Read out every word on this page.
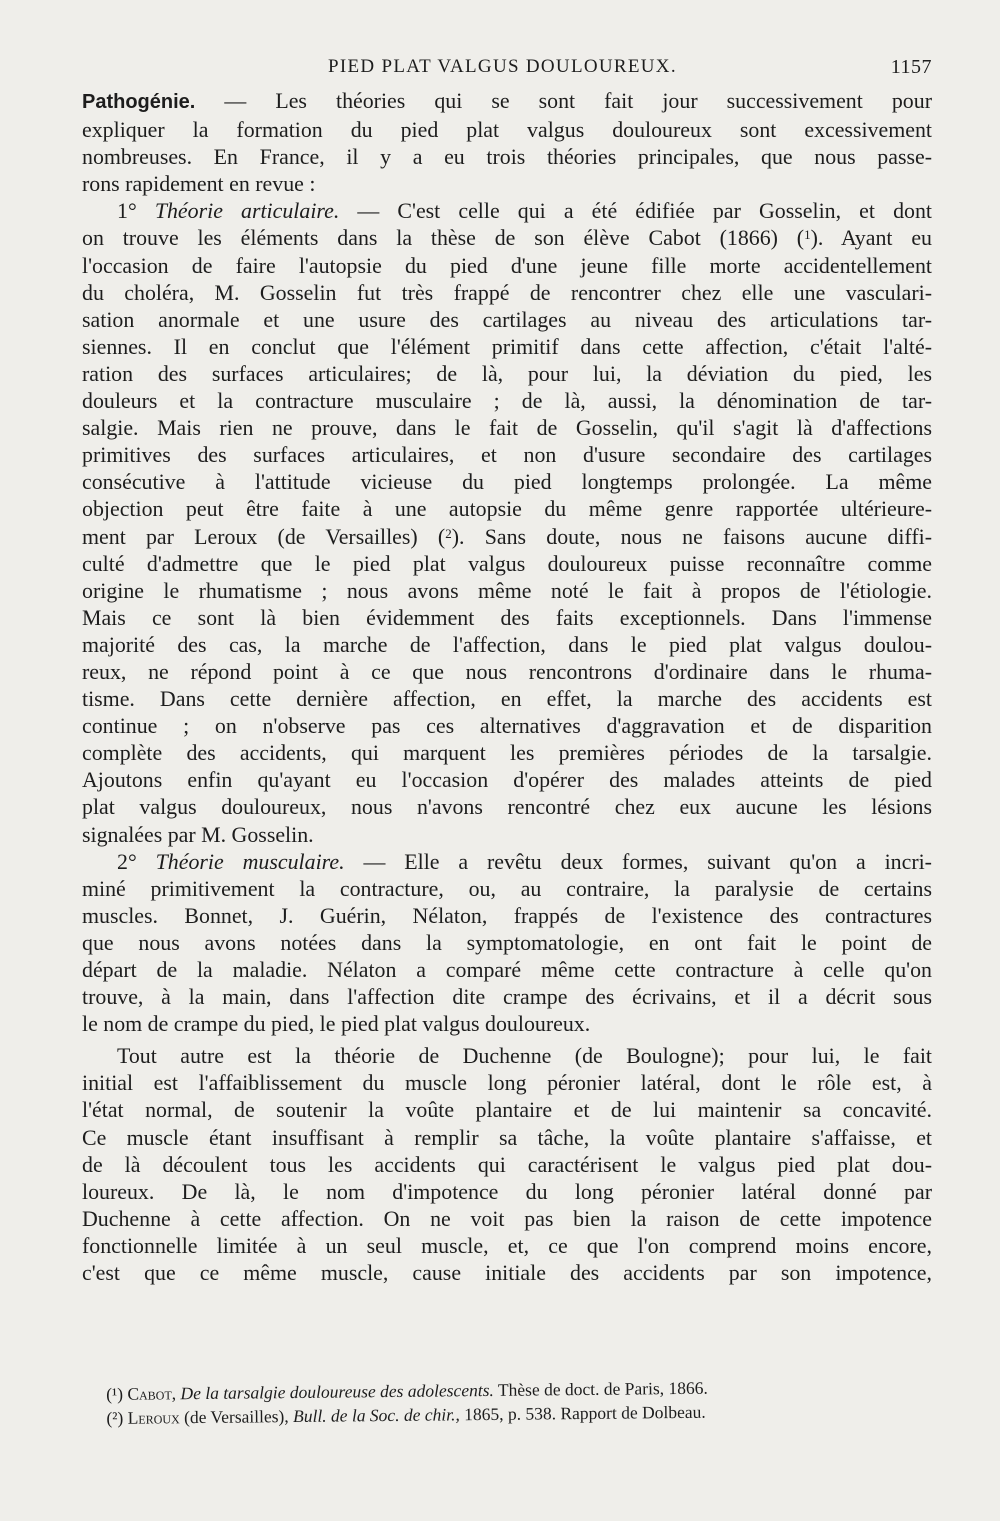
PIED PLAT VALGUS DOULOUREUX.	1157
Pathogénie. — Les théories qui se sont fait jour successivement pour
expliquer la formation du pied plat valgus douloureux sont excessivement
nombreuses. En France, il y a eu trois théories principales, que nous passe-
rons rapidement en revue :
1° Théorie articulaire. — C'est celle qui a été édifiée par Gosselin, et dont
on trouve les éléments dans la thèse de son élève Cabot (1866) ($^1$). Ayant eu
l'occasion de faire l'autopsie du pied d'une jeune fille morte accidentellement
du choléra, M. Gosselin fut très frappé de rencontrer chez elle une vasculari-
sation anormale et une usure des cartilages au niveau des articulations tar-
siennes. Il en conclut que l'élément primitif dans cette affection, c'était l'alté-
ration des surfaces articulaires; de là, pour lui, la déviation du pied, les
douleurs et la contracture musculaire ; de là, aussi, la dénomination de tar-
salgie. Mais rien ne prouve, dans le fait de Gosselin, qu'il s'agit là d'affections
primitives des surfaces articulaires, et non d'usure secondaire des cartilages
consécutive à l'attitude vicieuse du pied longtemps prolongée. La même
objection peut être faite à une autopsie du même genre rapportée ultérieure-
ment par Leroux (de Versailles) ($^2$). Sans doute, nous ne faisons aucune diffi-
culté d'admettre que le pied plat valgus douloureux puisse reconnaître comme
origine le rhumatisme ; nous avons même noté le fait à propos de l'étiologie.
Mais ce sont là bien évidemment des faits exceptionnels. Dans l'immense
majorité des cas, la marche de l'affection, dans le pied plat valgus doulou-
reux, ne répond point à ce que nous rencontrons d'ordinaire dans le rhuma-
tisme. Dans cette dernière affection, en effet, la marche des accidents est
continue ; on n'observe pas ces alternatives d'aggravation et de disparition
complète des accidents, qui marquent les premières périodes de la tarsalgie.
Ajoutons enfin qu'ayant eu l'occasion d'opérer des malades atteints de pied
plat valgus douloureux, nous n'avons rencontré chez eux aucune les lésions
signalées par M. Gosselin.
2° Théorie musculaire. — Elle a revêtu deux formes, suivant qu'on a incri-
miné primitivement la contracture, ou, au contraire, la paralysie de certains
muscles. Bonnet, J. Guérin, Nélaton, frappés de l'existence des contractures
que nous avons notées dans la symptomatologie, en ont fait le point de
départ de la maladie. Nélaton a comparé même cette contracture à celle qu'on
trouve, à la main, dans l'affection dite crampe des écrivains, et il a décrit sous
le nom de crampe du pied, le pied plat valgus douloureux.
Tout autre est la théorie de Duchenne (de Boulogne); pour lui, le fait
initial est l'affaiblissement du muscle long péronier latéral, dont le rôle est, à
l'état normal, de soutenir la voûte plantaire et de lui maintenir sa concavité.
Ce muscle étant insuffisant à remplir sa tâche, la voûte plantaire s'affaisse, et
de là découlent tous les accidents qui caractérisent le valgus pied plat dou-
loureux. De là, le nom d'impotence du long péronier latéral donné par
Duchenne à cette affection. On ne voit pas bien la raison de cette impotence
fonctionnelle limitée à un seul muscle, et, ce que l'on comprend moins encore,
c'est que ce même muscle, cause initiale des accidents par son impotence,
(¹) Cabot, De la tarsalgie douloureuse des adolescents. Thèse de doct. de Paris, 1866.
(²) Leroux (de Versailles), Bull. de la Soc. de chir., 1865, p. 538. Rapport de Dolbeau.
